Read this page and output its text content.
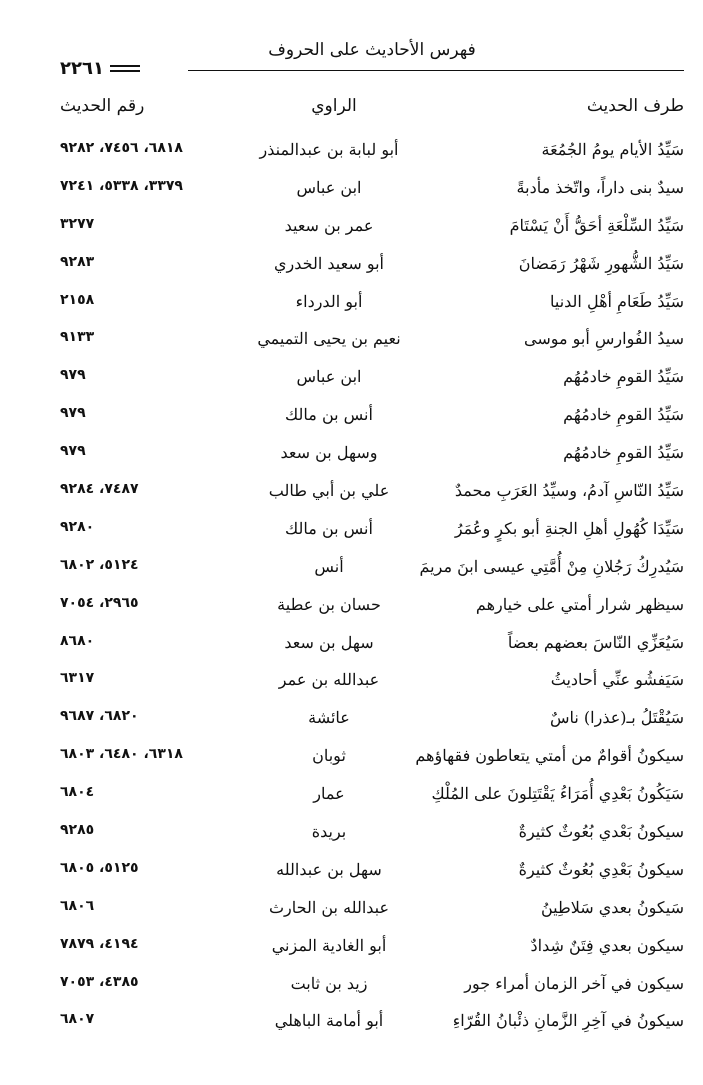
٢٢٦١
فهرس الأحاديث على الحروف
طرف الحديث
الراوي
رقم الحديث
سَيِّدُ الأيام يومُ الجُمُعَة
أبو لبابة بن عبدالمنذر
٦٨١٨، ٧٤٥٦، ٩٢٨٢
سيدٌ بنى داراً، واتّخذ مأدبةً
ابن عباس
٣٣٧٩، ٥٣٣٨، ٧٢٤١
سَيِّدُ السِّلْعَةِ أحَقُّ أَنْ يَسْتَامَ
عمر بن سعيد
٣٢٧٧
سَيِّدُ الشُّهورِ شَهْرُ رَمَضانَ
أبو سعيد الخدري
٩٢٨٣
سَيِّدُ طَعَامِ أهْلِ الدنيا
أبو الدرداء
٢١٥٨
سيدُ الفُوارسِ أبو موسى
نعيم بن يحيى التميمي
٩١٣٣
سَيِّدُ القومِ خادمُهُم
ابن عباس
٩٧٩
سَيِّدُ القومِ خادمُهُم
أنس بن مالك
٩٧٩
سَيِّدُ القومِ خادمُهُم
وسهل بن سعد
٩٧٩
سَيِّدُ النّاسِ آدمُ، وسيِّدُ العَرَبِ محمدٌ
علي بن أبي طالب
٧٤٨٧، ٩٢٨٤
سَيِّدَا كُهُولِ أهلِ الجنةِ أبو بكرٍ وعُمَرُ
أنس بن مالك
٩٢٨٠
سَيُدرِكُ رَجُلانِ مِنْ أُمَّتِي عيسى ابنَ مريمَ
أنس
٥١٢٤، ٦٨٠٢
سيظهر شرار أمتي على خيارهم
حسان بن عطية
٢٩٦٥، ٧٠٥٤
سَيُعَزِّي النّاسَ بعضهم بعضاً
سهل بن سعد
٨٦٨٠
سَيَفشُو عنِّي أحاديثُ
عبدالله بن عمر
٦٣١٧
سَيُقْتَلُ بـ(عذرا) ناسٌ
عائشة
٦٨٢٠، ٩٦٨٧
سيكونُ أقوامٌ من أمتي يتعاطون فقهاؤهم
ثوبان
٦٣١٨، ٦٤٨٠، ٦٨٠٣
سَيَكُونُ بَعْدِي أُمَرَاءُ يَقْتَتِلونَ على المُلْكِ
عمار
٦٨٠٤
سيكونُ بَعْدي بُعُوثٌ كثيرةٌ
بريدة
٩٢٨٥
سيكونُ بَعْدِي بُعُوثٌ كثيرةٌ
سهل بن عبدالله
٥١٢٥، ٦٨٠٥
سَيكونُ بعدي سَلاطِينُ
عبدالله بن الحارث
٦٨٠٦
سيكون بعدي فِتَنٌ شِدادٌ
أبو الغادية المزني
٤١٩٤، ٧٨٧٩
سيكون في آخر الزمان أمراء جور
زيد بن ثابت
٤٣٨٥، ٧٠٥٣
سيكونُ في آخِرِ الزَّمانِ ذئْبانُ القُرّاءِ
أبو أمامة الباهلي
٦٨٠٧
